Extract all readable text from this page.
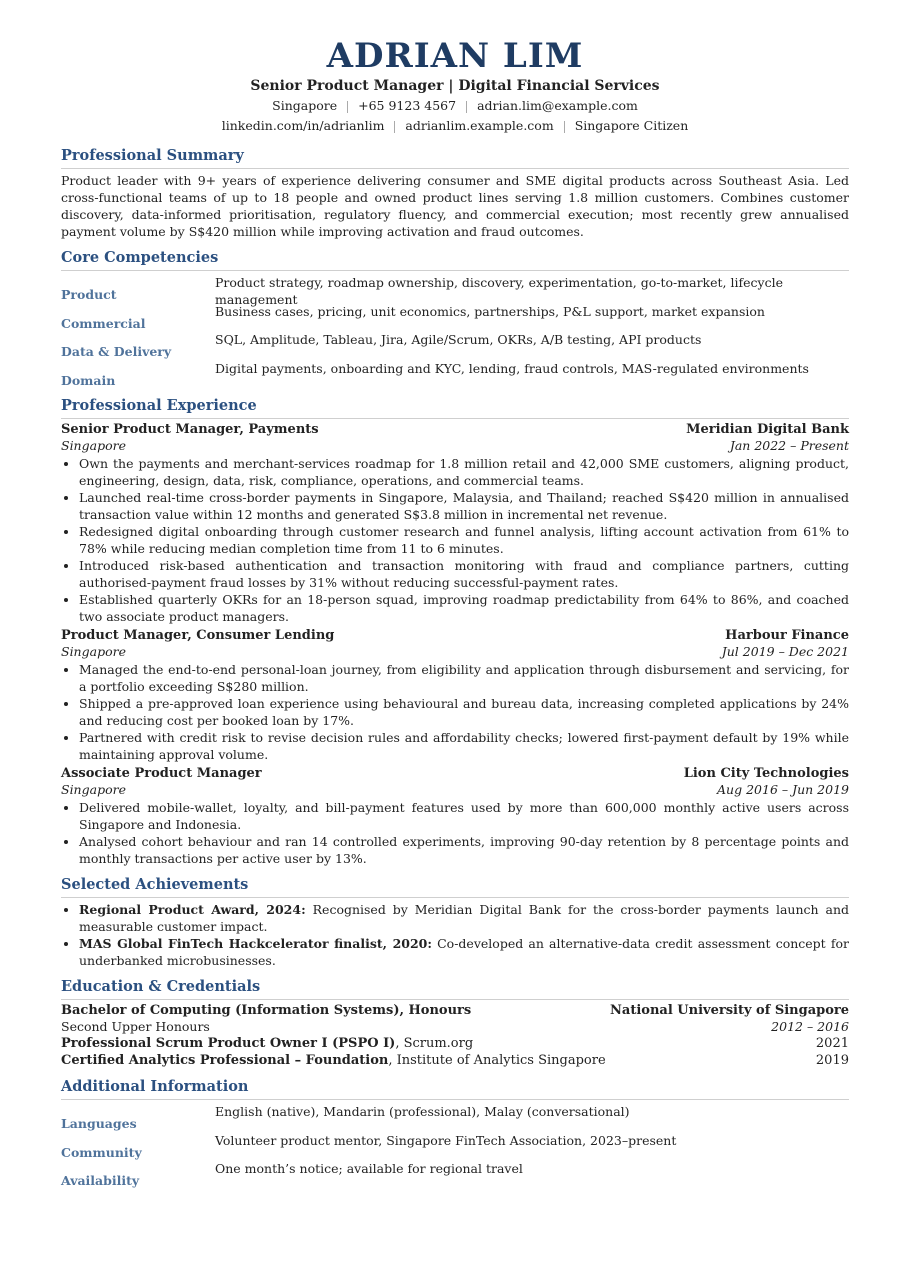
ADRIAN LIM
Senior Product Manager | Digital Financial Services
Singapore +65 9123 4567 adrian.lim@example.com
linkedin.com/in/adrianlim adrianlim.example.com Singapore Citizen
Professional Summary
Product leader with 9+ years of experience delivering consumer and SME digital products across Southeast Asia. Led cross-functional teams of up to 18 people and owned product lines serving 1.8 million customers. Combines customer discovery, data-informed prioritisation, regulatory fluency, and commercial execution; most recently grew annualised payment volume by S$420 million while improving activation and fraud outcomes.
Core Competencies
Product
Product strategy, roadmap ownership, discovery, experimentation, go-to-market, lifecycle management
Commercial
Business cases, pricing, unit economics, partnerships, P&L support, market expansion
Data & Delivery
SQL, Amplitude, Tableau, Jira, Agile/Scrum, OKRs, A/B testing, API products
Domain
Digital payments, onboarding and KYC, lending, fraud controls, MAS-regulated environments
Professional Experience
Senior Product Manager, Payments	Meridian Digital Bank
Singapore	Jan 2022 – Present
• Own the payments and merchant-services roadmap for 1.8 million retail and 42,000 SME customers, aligning product, engineering, design, data, risk, compliance, operations, and commercial teams.
• Launched real-time cross-border payments in Singapore, Malaysia, and Thailand; reached S$420 million in annualised transaction value within 12 months and generated S$3.8 million in incremental net revenue.
• Redesigned digital onboarding through customer research and funnel analysis, lifting account activation from 61% to 78% while reducing median completion time from 11 to 6 minutes.
• Introduced risk-based authentication and transaction monitoring with fraud and compliance partners, cutting authorised-payment fraud losses by 31% without reducing successful-payment rates.
• Established quarterly OKRs for an 18-person squad, improving roadmap predictability from 64% to 86%, and coached two associate product managers.
Product Manager, Consumer Lending	Harbour Finance
Singapore	Jul 2019 – Dec 2021
• Managed the end-to-end personal-loan journey, from eligibility and application through disbursement and servicing, for a portfolio exceeding S$280 million.
• Shipped a pre-approved loan experience using behavioural and bureau data, increasing completed applications by 24% and reducing cost per booked loan by 17%.
• Partnered with credit risk to revise decision rules and affordability checks; lowered first-payment default by 19% while maintaining approval volume.
Associate Product Manager	Lion City Technologies
Singapore	Aug 2016 – Jun 2019
• Delivered mobile-wallet, loyalty, and bill-payment features used by more than 600,000 monthly active users across Singapore and Indonesia.
• Analysed cohort behaviour and ran 14 controlled experiments, improving 90-day retention by 8 percentage points and monthly transactions per active user by 13%.
Selected Achievements
• Regional Product Award, 2024: Recognised by Meridian Digital Bank for the cross-border payments launch and measurable customer impact.
• MAS Global FinTech Hackcelerator finalist, 2020: Co-developed an alternative-data credit assessment concept for underbanked microbusinesses.
Education & Credentials
Bachelor of Computing (Information Systems), Honours	National University of Singapore
Second Upper Honours	2012 – 2016
Professional Scrum Product Owner I (PSPO I), Scrum.org	2021
Certified Analytics Professional – Foundation, Institute of Analytics Singapore	2019
Additional Information
Languages
English (native), Mandarin (professional), Malay (conversational)
Community
Volunteer product mentor, Singapore FinTech Association, 2023–present
Availability
One month’s notice; available for regional travel
